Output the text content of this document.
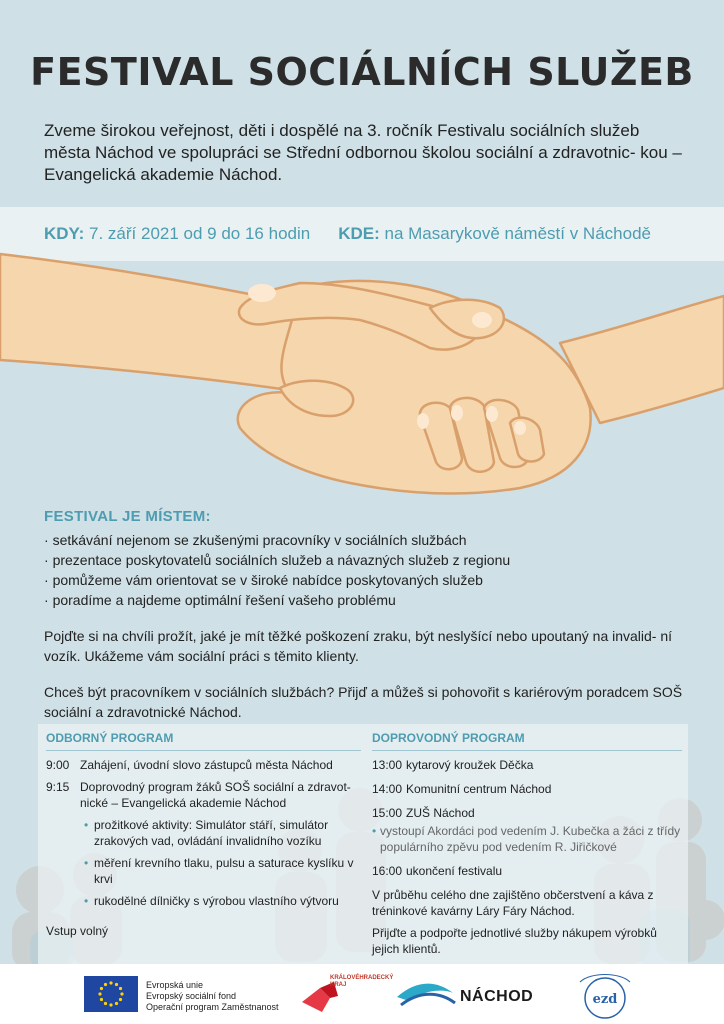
FESTIVAL SOCIÁLNÍCH SLUŽEB
Zveme širokou veřejnost, děti i dospělé na 3. ročník Festivalu sociálních služeb města Náchod ve spolupráci se Střední odbornou školou sociální a zdravotnic- kou – Evangelická akademie Náchod.
KDY:
7. září 2021 od 9 do 16 hodin KDE:
na Masarykově náměstí v Náchodě
FESTIVAL JE MÍSTEM:
· setkávání nejenom se zkušenými pracovníky v sociálních službách
· prezentace poskytovatelů sociálních služeb a návazných služeb z regionu
· pomůžeme vám orientovat se v široké nabídce poskytovaných služeb
· poradíme a najdeme optimální řešení vašeho problému
Pojďte si na chvíli prožít, jaké je mít těžké poškození zraku, být neslyšící nebo upoutaný na invalid- ní vozík. Ukážeme vám sociální práci s těmito klienty.
Chceš být pracovníkem v sociálních službách? Přijď a můžeš si pohovořit s kariérovým poradcem SOŠ sociální a zdravotnické Náchod.
ODBORNÝ PROGRAM
9:00 Zahájení, úvodní slovo zástupců města Náchod
9:15 Doprovodný program žáků SOŠ sociální a zdravot- nické – Evangelická akademie Náchod
• prožitkové aktivity: Simulátor stáří, simulátor zrakových vad, ovládání invalidního vozíku
• měření krevního tlaku, pulsu a saturace kyslíku v krvi
• rukodělné dílničky s výrobou vlastního výtvoru
Vstup volný
DOPROVODNÝ PROGRAM
13:00 kytarový kroužek Děčka
14:00 Komunitní centrum Náchod
15:00 ZUŠ Náchod
• vystoupí Akordáci pod vedením J. Kubečka a žáci z třídy populárního zpěvu pod vedením R. Jiřičkové
16:00 ukončení festivalu
V průběhu celého dne zajištěno občerstvení a káva z tréninkové kavárny Láry Fáry Náchod.
Přijďte a podpořte jednotlivé služby nákupem výrobků jejich klientů.
Evropská unie
Evropský sociální fond
Operační program Zaměstnanost
KRÁLOVÉHRADECKÝ
KRAJ
NÁCHOD	ezd
